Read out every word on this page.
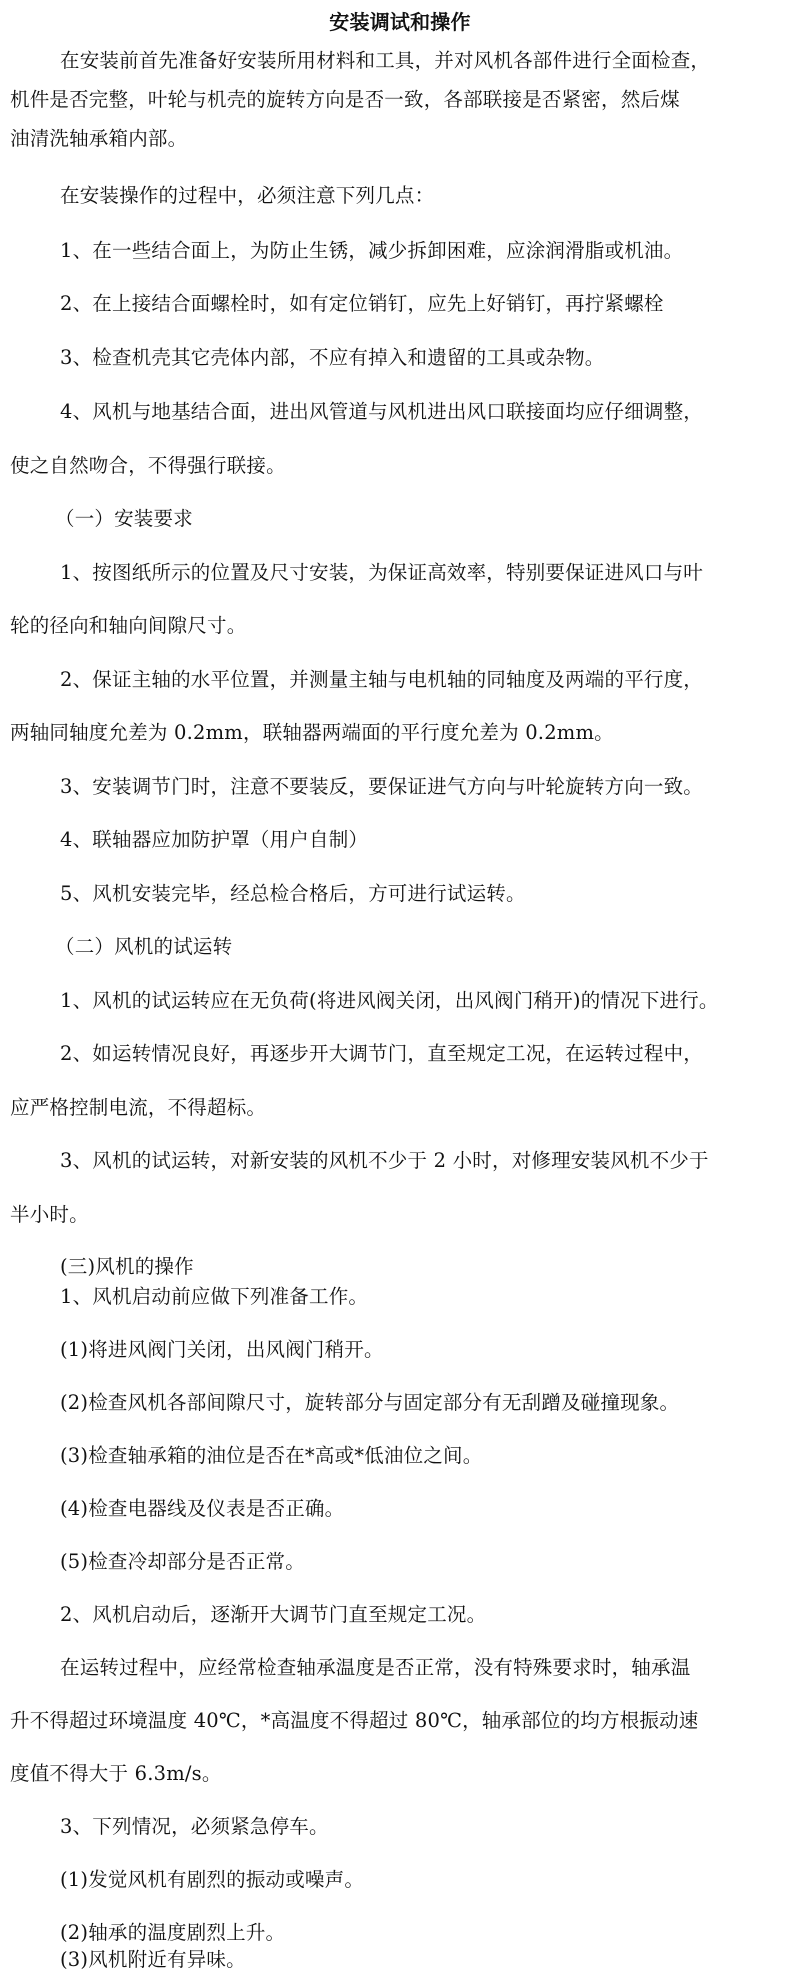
安装调试和操作
在安装前首先准备好安装所用材料和工具，并对风机各部件进行全面检查，
机件是否完整，叶轮与机壳的旋转方向是否一致，各部联接是否紧密，然后煤
油清洗轴承箱内部。
在安装操作的过程中，必须注意下列几点：
1、在一些结合面上，为防止生锈，减少拆卸困难，应涂润滑脂或机油。
2、在上接结合面螺栓时，如有定位销钉，应先上好销钉，再拧紧螺栓
3、检查机壳其它壳体内部，不应有掉入和遗留的工具或杂物。
4、风机与地基结合面，进出风管道与风机进出风口联接面均应仔细调整，
使之自然吻合，不得强行联接。
（一）安装要求
1、按图纸所示的位置及尺寸安装，为保证高效率，特别要保证进风口与叶
轮的径向和轴向间隙尺寸。
2、保证主轴的水平位置，并测量主轴与电机轴的同轴度及两端的平行度，
两轴同轴度允差为 0.2mm，联轴器两端面的平行度允差为 0.2mm。
3、安装调节门时，注意不要装反，要保证进气方向与叶轮旋转方向一致。
4、联轴器应加防护罩（用户自制）
5、风机安装完毕，经总检合格后，方可进行试运转。
（二）风机的试运转
1、风机的试运转应在无负荷(将进风阀关闭，出风阀门稍开)的情况下进行。
2、如运转情况良好，再逐步开大调节门，直至规定工况，在运转过程中，
应严格控制电流，不得超标。
3、风机的试运转，对新安装的风机不少于 2 小时，对修理安装风机不少于
半小时。
(三)风机的操作
1、风机启动前应做下列准备工作。
(1)将进风阀门关闭，出风阀门稍开。
(2)检查风机各部间隙尺寸，旋转部分与固定部分有无刮蹭及碰撞现象。
(3)检查轴承箱的油位是否在*高或*低油位之间。
(4)检查电器线及仪表是否正确。
(5)检查冷却部分是否正常。
2、风机启动后，逐渐开大调节门直至规定工况。
在运转过程中，应经常检查轴承温度是否正常，没有特殊要求时，轴承温
升不得超过环境温度 40℃，*高温度不得超过 80℃，轴承部位的均方根振动速
度值不得大于 6.3m/s。
3、下列情况，必须紧急停车。
(1)发觉风机有剧烈的振动或噪声。
(2)轴承的温度剧烈上升。
(3)风机附近有异味。
